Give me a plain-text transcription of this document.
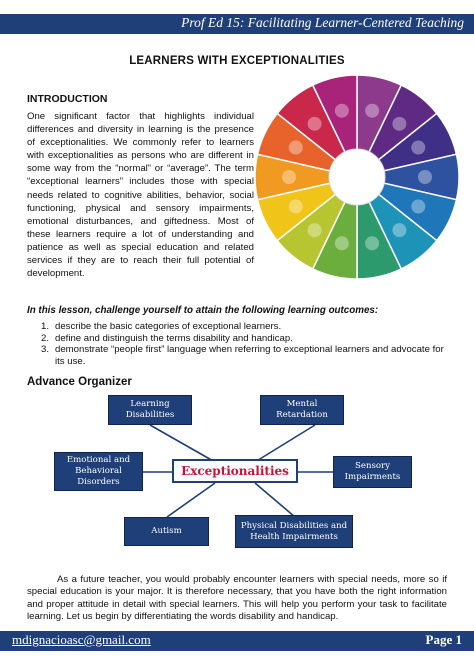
Prof Ed 15: Facilitating Learner-Centered Teaching
LEARNERS WITH EXCEPTIONALITIES
INTRODUCTION

One significant factor that highlights individual differences and diversity in learning is the presence of exceptionalities. We commonly refer to learners with exceptionalities as persons who are different in some way from the “normal” or “average”. The term “exceptional learners” includes those with special needs related to cognitive abilities, behavior, social functioning, physical and sensory impairments, emotional disturbances, and giftedness. Most of these learners require a lot of understanding and patience as well as special education and related services if they are to reach their full potential of development.

In this lesson, challenge yourself to attain the following learning outcomes:
1. describe the basic categories of exceptional learners.
2. define and distinguish the terms disability and handicap.
3. demonstrate “people first” language when referring to exceptional learners and advocate for its use.
Advance Organizer
Learning Disabilities
Mental Retardation
Emotional and Behavioral Disorders
Exceptionalities	Sensory Impairments
Autism
Physical Disabilities and Health Impairments

As a future teacher, you would probably encounter learners with special needs, more so if special education is your major. It is therefore necessary, that you have both the right information and proper attitude in detail with special learners. This will help you perform your task to facilitate learning. Let us begin by differentiating the words disability and handicap.

mdignacioasc@gmail.com	Page 1
